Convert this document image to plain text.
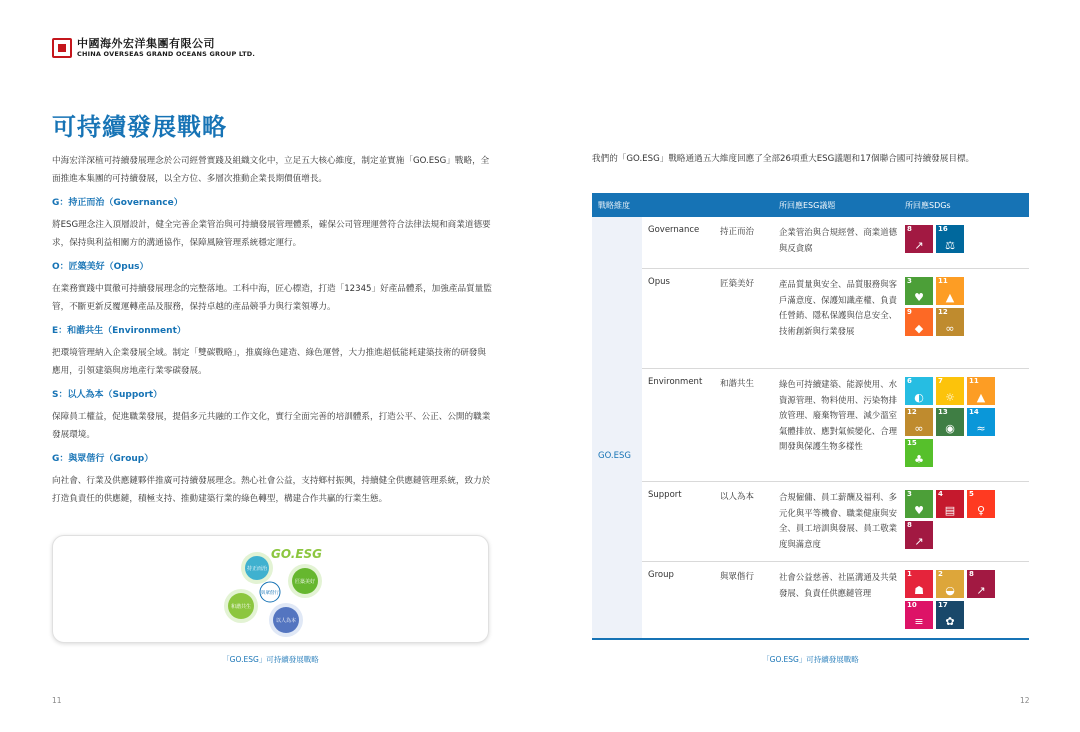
中國海外宏洋集團有限公司
CHINA OVERSEAS GRAND OCEANS GROUP LTD.
可持續發展戰略

中海宏洋深植可持續發展理念於公司經營實踐及組織文化中，立足五大核心維度，制定並實施「GO.ESG」戰略，全面推進本集團的可持續發展，以全方位、多層次推動企業長期價值增長。

G：持正而治（Governance）

將ESG理念注入頂層設計，健全完善企業管治與可持續發展管理體系，確保公司管理運營符合法律法規和商業道德要求，保持與利益相關方的溝通協作，保障風險管理系統穩定運行。

O：匠築美好（Opus）

在業務實踐中貫徹可持續發展理念的完整落地。工科中海，匠心標造，打造「12345」好產品體系，加強產品質量監管，不斷更新反覆運轉產品及服務，保持卓越的產品競爭力與行業領導力。

E：和諧共生（Environment）

把環境管理納入企業發展全域。制定「雙碳戰略」，推廣綠色建造、綠色運營，大力推進超低能耗建築技術的研發與應用，引領建築與房地產行業零碳發展。

S：以人為本（Support）

保障員工權益，促進職業發展，提倡多元共融的工作文化，實行全面完善的培訓體系，打造公平、公正、公開的職業發展環境。

G：與眾偕行（Group）

向社會、行業及供應鏈夥伴推廣可持續發展理念。熱心社會公益，支持鄉村振興，持續健全供應鏈管理系統，致力於打造負責任的供應鏈，積極支持、推動建築行業的綠色轉型，構建合作共贏的行業生態。

GO.ESG
持正而治
匠築美好
和諧共生
以人為本
與眾偕行
「GO.ESG」可持續發展戰略
11
我們的「GO.ESG」戰略通過五大維度回應了全部26項重大ESG議題和17個聯合國可持續發展目標。
戰略維度	所回應ESG議題	所回應SDGs
GO.ESG
Governance 持正而治	企業管治與合規經營、商業道德與反貪腐
8
↗
16
⚖
Opus	匠築美好	產品質量與安全、品質服務與客戶滿意度、保護知識產權、負責任營銷、隱私保護與信息安全、技術創新與行業發展
3
♥
11
▲
9
◆
12
∞
Environment 和諧共生	綠色可持續建築、能源使用、水資源管理、物料使用、污染物排放管理、廢棄物管理、減少溫室氣體排放、應對氣候變化、合理開發與保護生物多樣性
6
◐
7
☼
11
▲
12
∞
13
◉
14
≈
15
♣
Support	以人為本	合規僱傭、員工薪酬及福利、多元化與平等機會、職業健康與安全、員工培訓與發展、員工敬業度與滿意度
3
♥
4
▤
5
♀
8
↗
Group	與眾偕行	社會公益慈善、社區溝通及共榮發展、負責任供應鏈管理
1
☗
2
◒
8
↗
10
≡
17
✿
「GO.ESG」可持續發展戰略
12
